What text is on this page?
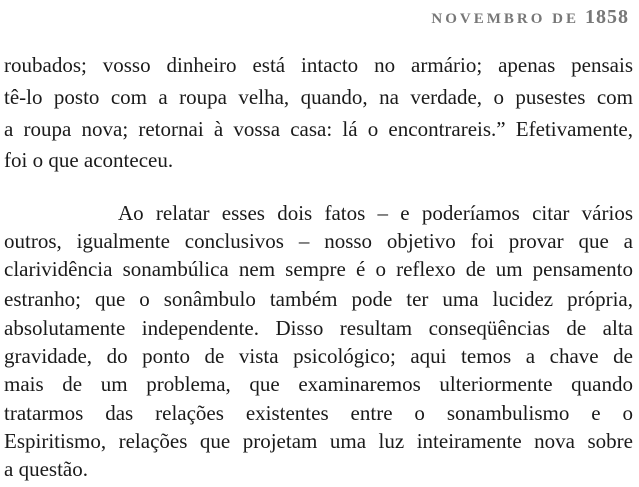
NOVEMBRO DE 1858
roubados; vosso dinheiro está intacto no armário; apenas pensais
tê-lo posto com a roupa velha, quando, na verdade, o pusestes com
a roupa nova; retornai à vossa casa: lá o encontrareis.” Efetivamente,
foi o que aconteceu.
Ao relatar esses dois fatos – e poderíamos citar vários
outros, igualmente conclusivos – nosso objetivo foi provar que a
clarividência sonambúlica nem sempre é o reflexo de um pensamento
estranho; que o sonâmbulo também pode ter uma lucidez própria,
absolutamente independente. Disso resultam conseqüências de alta
gravidade, do ponto de vista psicológico; aqui temos a chave de
mais de um problema, que examinaremos ulteriormente quando
tratarmos das relações existentes entre o sonambulismo e o
Espiritismo, relações que projetam uma luz inteiramente nova sobre
a questão.
